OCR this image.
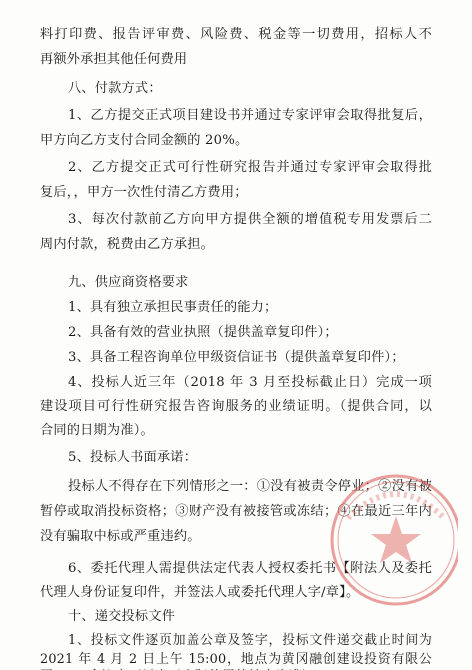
料打印费、报告评审费、风险费、税金等一切费用，招标人不
再额外承担其他任何费用
八、付款方式：
1、乙方提交正式项目建设书并通过专家评审会取得批复后，
甲方向乙方支付合同金额的 20%。
2、乙方提交正式可行性研究报告并通过专家评审会取得批
复后，，甲方一次性付清乙方费用；
3、每次付款前乙方向甲方提供全额的增值税专用发票后二
周内付款，税费由乙方承担。
九、供应商资格要求
1、具有独立承担民事责任的能力；
2、具备有效的营业执照（提供盖章复印件）；
3、具备工程咨询单位甲级资信证书（提供盖章复印件）；
4、投标人近三年（2018 年 3 月至投标截止日）完成一项
建设项目可行性研究报告咨询服务的业绩证明。（提供合同，以
合同的日期为准）。
5、投标人书面承诺：
投标人不得存在下列情形之一：①没有被责令停业；②没有被
暂停或取消投标资格；③财产没有被接管或冻结；④在最近三年内
没有骗取中标或严重违约。
6、委托代理人需提供法定代表人授权委托书【附法人及委托
代理人身份证复印件，并签法人或委托代理人字/章】。
十、递交投标文件
1、投标文件逐页加盖公章及签字，投标文件递交截止时间为
2021 年 4 月 2 日上午 15:00，地点为黄冈融创建设投资有限公
